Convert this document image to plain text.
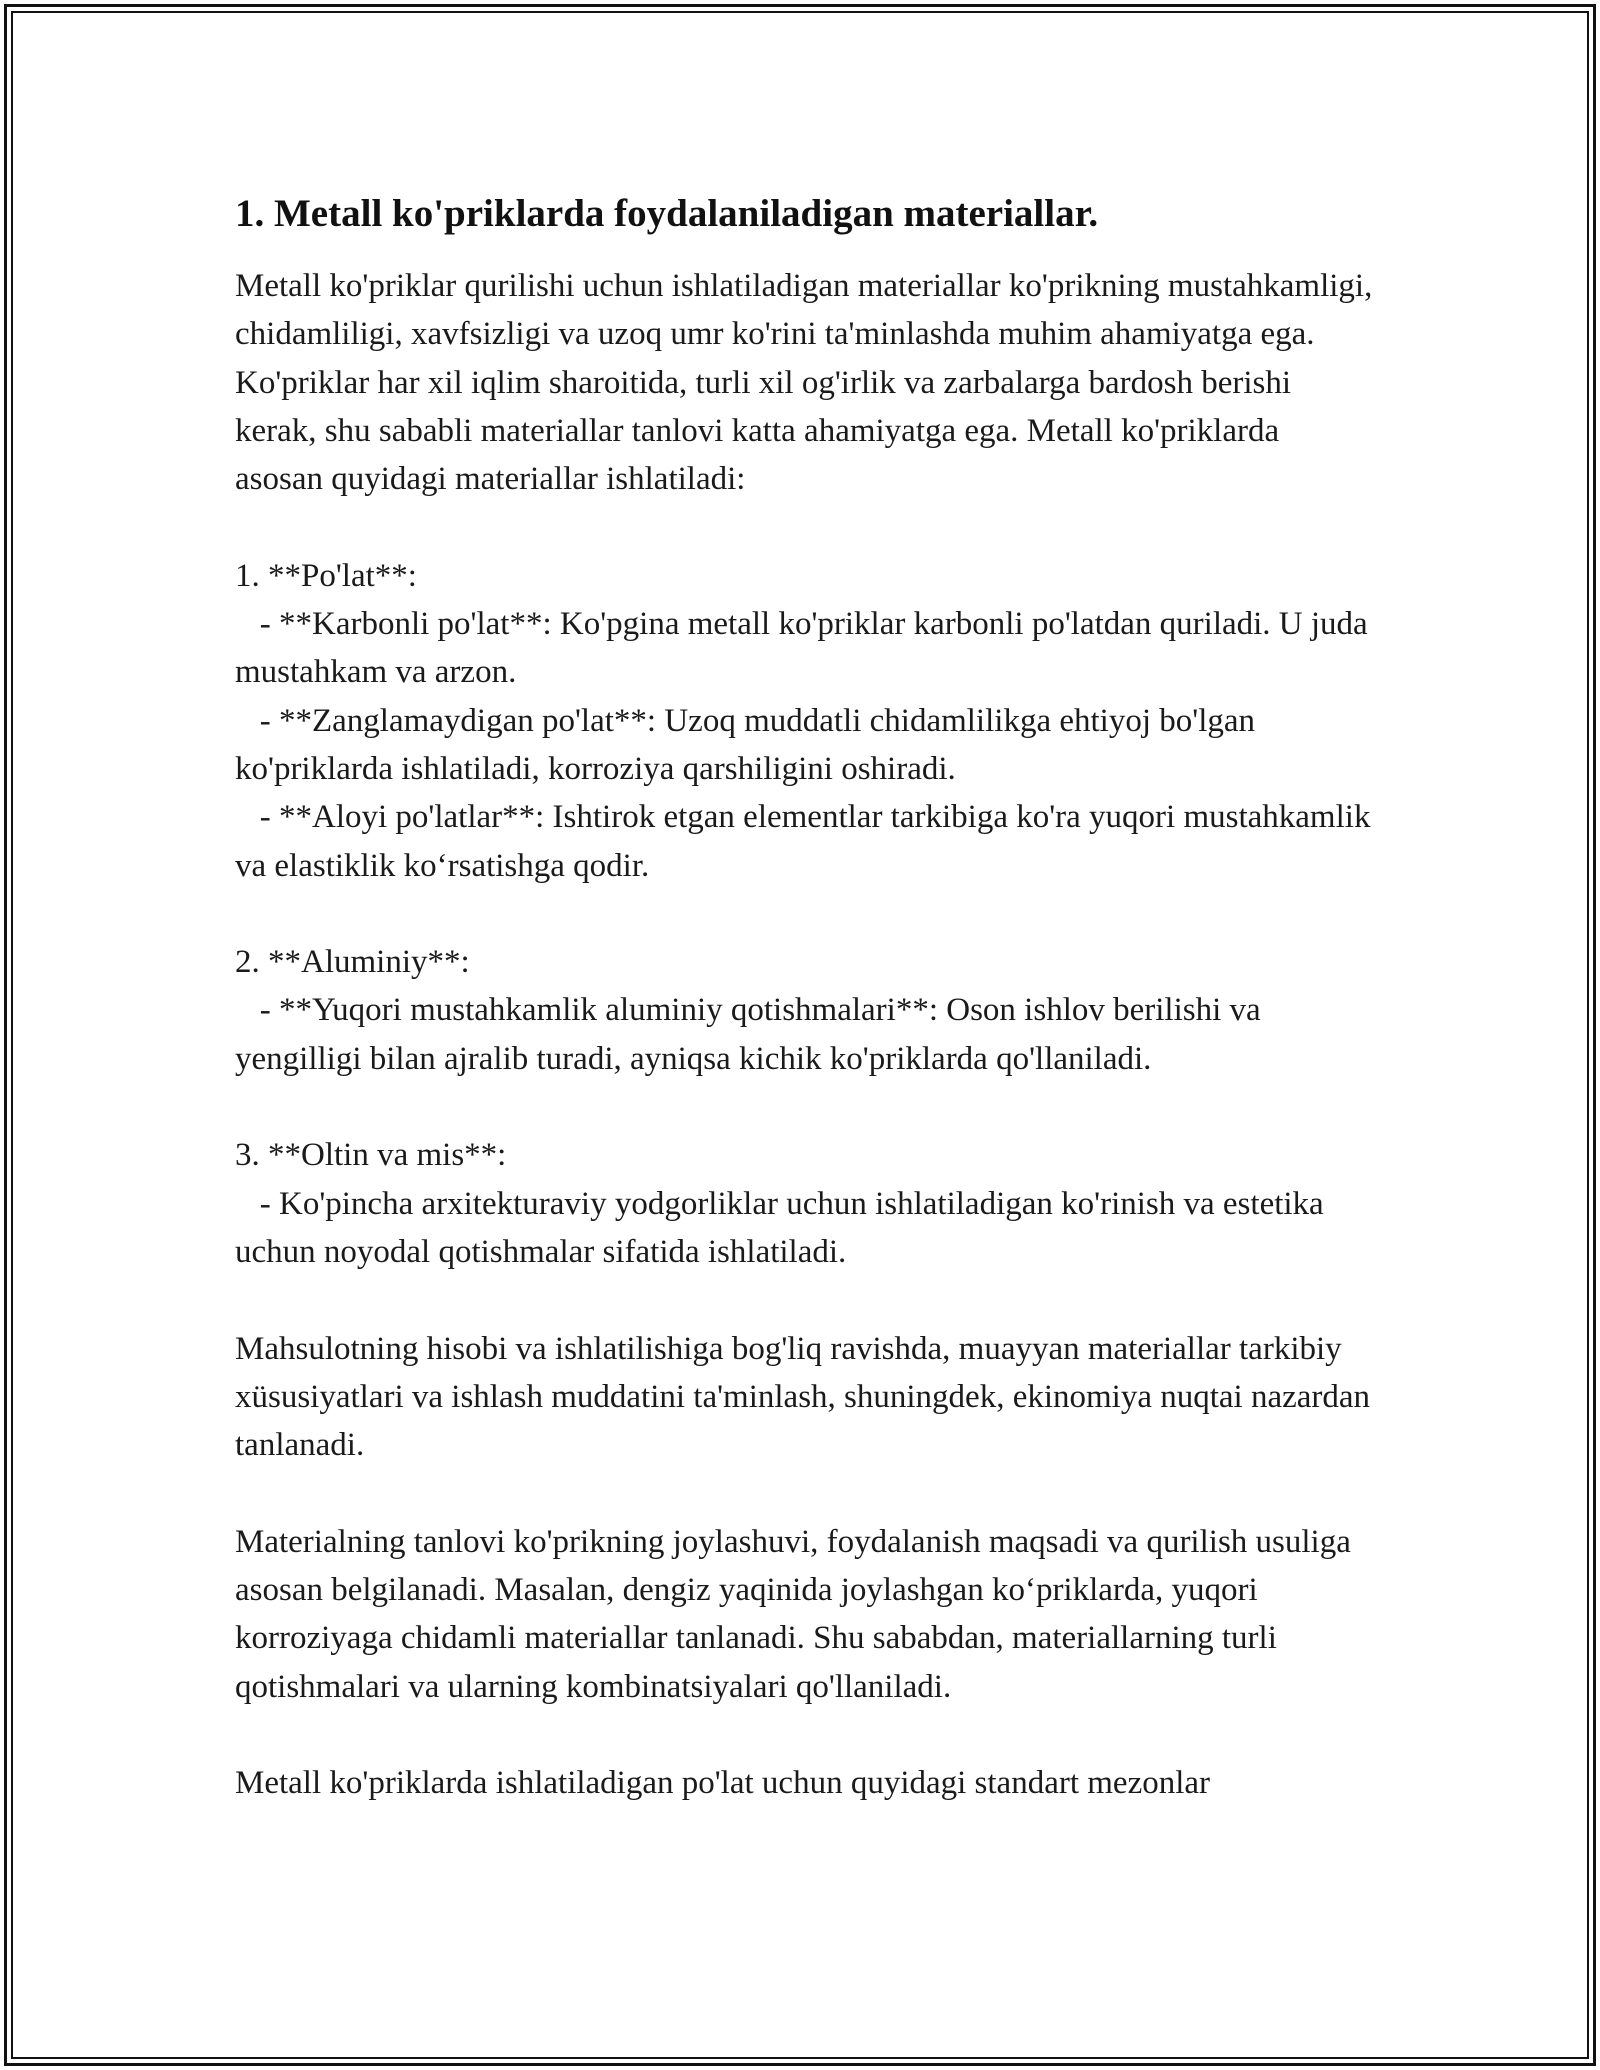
1. Metall ko'priklarda foydalaniladigan materiallar.

Metall ko'priklar qurilishi uchun ishlatiladigan materiallar ko'prikning mustahkamligi, chidamliligi, xavfsizligi va uzoq umr ko'rini ta'minlashda muhim ahamiyatga ega. Ko'priklar har xil iqlim sharoitida, turli xil og'irlik va zarbalarga bardosh berishi kerak, shu sababli materiallar tanlovi katta ahamiyatga ega. Metall ko'priklarda asosan quyidagi materiallar ishlatiladi:

1. **Po'lat**:

- **Karbonli po'lat**: Ko'pgina metall ko'priklar karbonli po'latdan quriladi. U juda mustahkam va arzon.

- **Zanglamaydigan po'lat**: Uzoq muddatli chidamlilikga ehtiyoj bo'lgan ko'priklarda ishlatiladi, korroziya qarshiligini oshiradi.

- **Aloyi po'latlar**: Ishtirok etgan elementlar tarkibiga ko'ra yuqori mustahkamlik va elastiklik ko‘rsatishga qodir.

2. **Aluminiy**:

- **Yuqori mustahkamlik aluminiy qotishmalari**: Oson ishlov berilishi va yengilligi bilan ajralib turadi, ayniqsa kichik ko'priklarda qo'llaniladi.

3. **Oltin va mis**:

- Ko'pincha arxitekturaviy yodgorliklar uchun ishlatiladigan ko'rinish va estetika uchun noyodal qotishmalar sifatida ishlatiladi.

Mahsulotning hisobi va ishlatilishiga bog'liq ravishda, muayyan materiallar tarkibiy xüsusiyatlari va ishlash muddatini ta'minlash, shuningdek, ekinomiya nuqtai nazardan tanlanadi.

Materialning tanlovi ko'prikning joylashuvi, foydalanish maqsadi va qurilish usuliga asosan belgilanadi. Masalan, dengiz yaqinida joylashgan ko‘priklarda, yuqori korroziyaga chidamli materiallar tanlanadi. Shu sababdan, materiallarning turli qotishmalari va ularning kombinatsiyalari qo'llaniladi.

Metall ko'priklarda ishlatiladigan po'lat uchun quyidagi standart mezonlar
